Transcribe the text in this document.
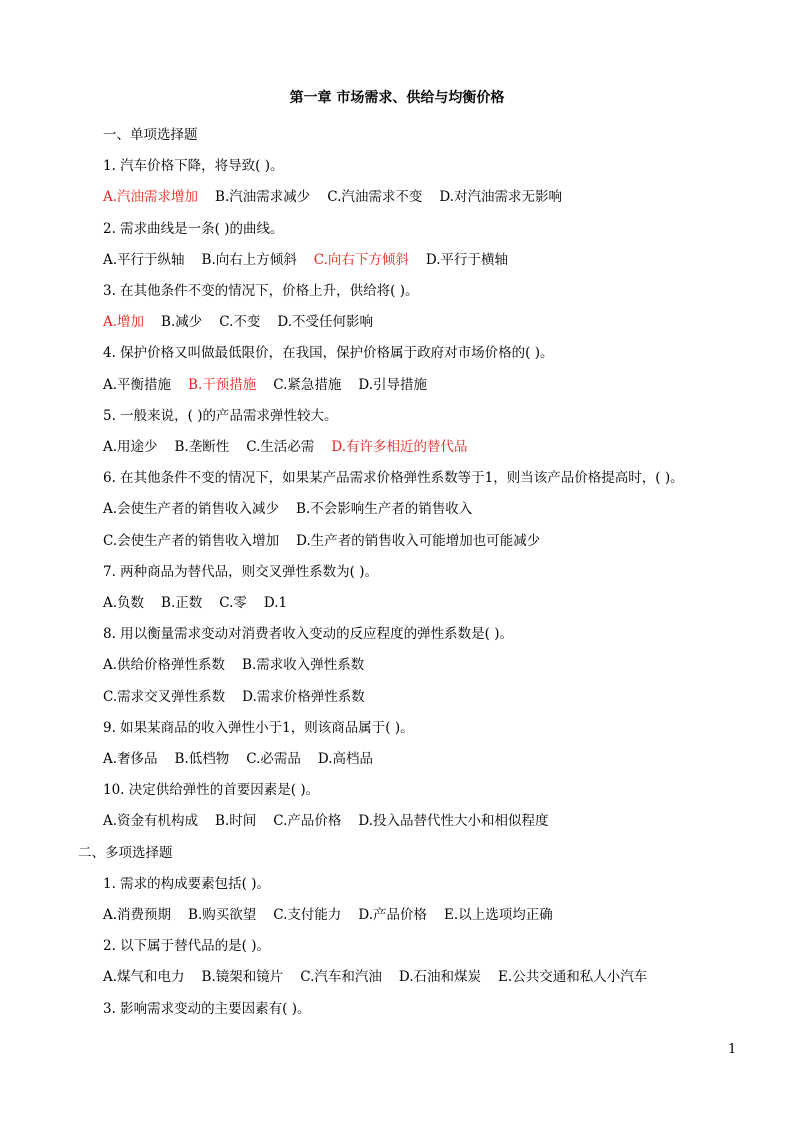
第一章 市场需求、供给与均衡价格
一、单项选择题
1. 汽车价格下降，将导致( )。
A.汽油需求增加 B.汽油需求减少 C.汽油需求不变 D.对汽油需求无影响
2. 需求曲线是一条( )的曲线。
A.平行于纵轴 B.向右上方倾斜 C.向右下方倾斜 D.平行于横轴
3. 在其他条件不变的情况下，价格上升，供给将( )。
A.增加 B.减少 C.不变 D.不受任何影响
4. 保护价格又叫做最低限价，在我国，保护价格属于政府对市场价格的( )。
A.平衡措施 B.干预措施 C.紧急措施 D.引导措施
5. 一般来说，( )的产品需求弹性较大。
A.用途少 B.垄断性 C.生活必需 D.有许多相近的替代品
6. 在其他条件不变的情况下，如果某产品需求价格弹性系数等于1，则当该产品价格提高时，( )。
A.会使生产者的销售收入减少 B.不会影响生产者的销售收入
C.会使生产者的销售收入增加 D.生产者的销售收入可能增加也可能减少
7. 两种商品为替代品，则交叉弹性系数为( )。
A.负数 B.正数 C.零 D.1
8. 用以衡量需求变动对消费者收入变动的反应程度的弹性系数是( )。
A.供给价格弹性系数 B.需求收入弹性系数
C.需求交叉弹性系数 D.需求价格弹性系数
9. 如果某商品的收入弹性小于1，则该商品属于( )。
A.奢侈品 B.低档物 C.必需品 D.高档品
10. 决定供给弹性的首要因素是( )。
A.资金有机构成 B.时间 C.产品价格 D.投入品替代性大小和相似程度
二、多项选择题
1. 需求的构成要素包括( )。
A.消费预期 B.购买欲望 C.支付能力 D.产品价格 E.以上选项均正确
2. 以下属于替代品的是( )。
A.煤气和电力 B.镜架和镜片 C.汽车和汽油 D.石油和煤炭 E.公共交通和私人小汽车
3. 影响需求变动的主要因素有( )。
1
